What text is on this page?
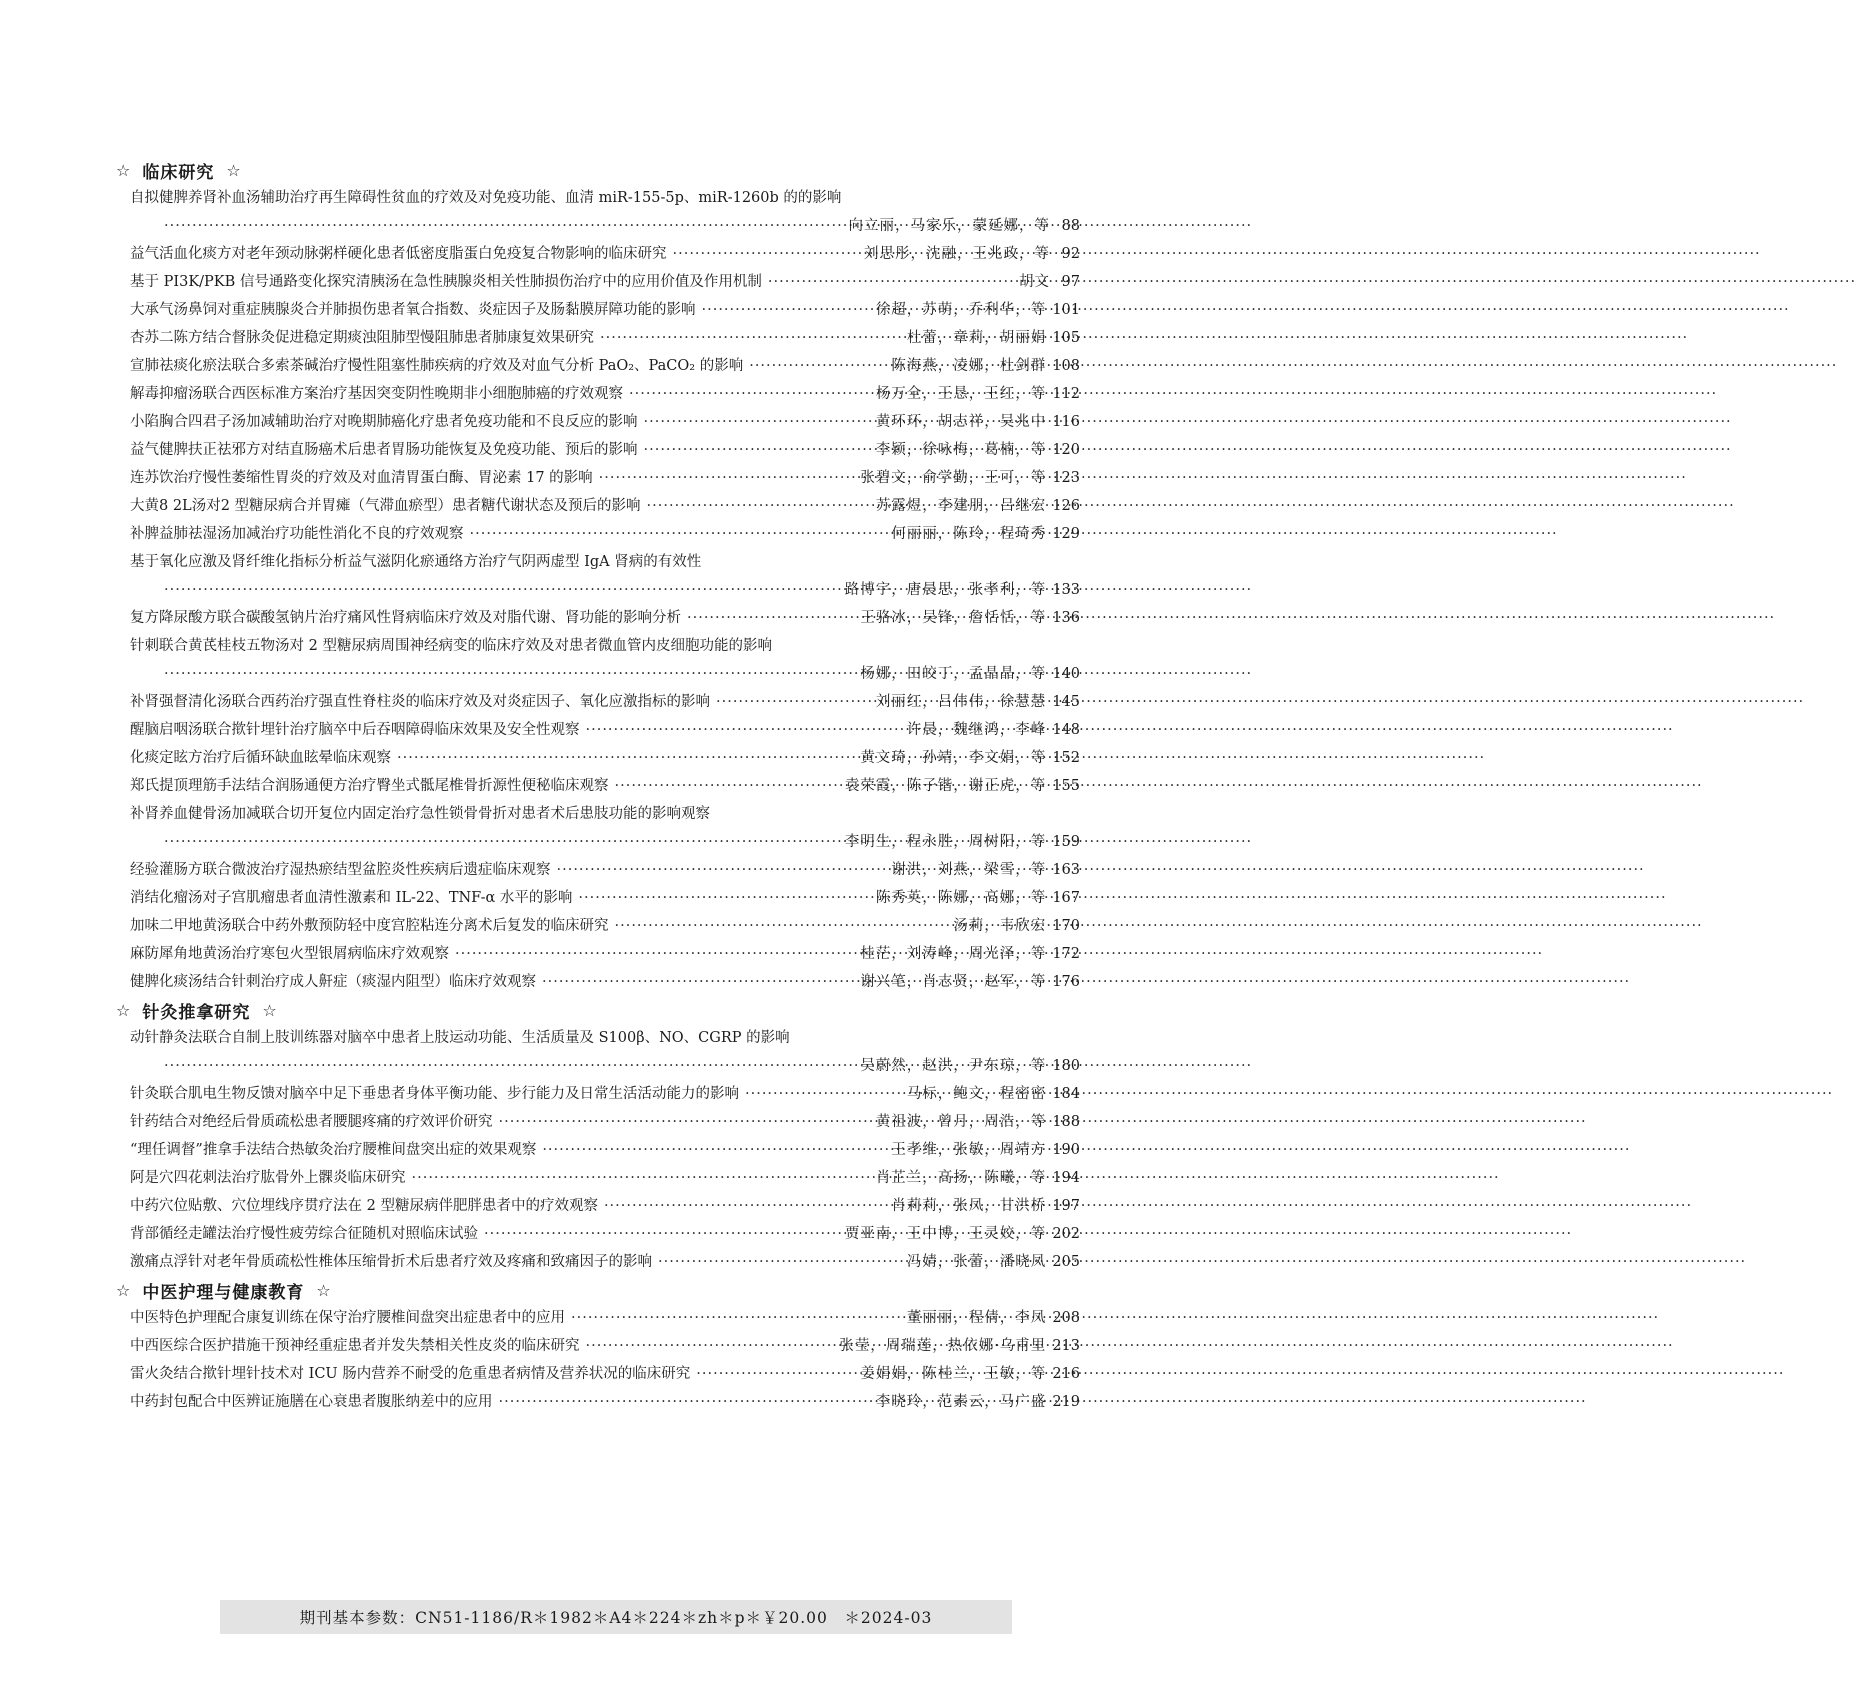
☆ 临床研究 ☆
自拟健脾养肾补血汤辅助治疗再生障碍性贫血的疗效及对免疫功能、血清 miR-155-5p、miR-1260b 的的影响
·····
向立丽，马家乐，蒙延娜，等 88
益气活血化痰方对老年颈动脉粥样硬化患者低密度脂蛋白免疫复合物影响的临床研究 ·····	刘思彤，沈融，王兆政，等 92
基于 PI3K/PKB 信号通路变化探究清胰汤在急性胰腺炎相关性肺损伤治疗中的应用价值及作用机制 ·····	胡文 97
大承气汤鼻饲对重症胰腺炎合并肺损伤患者氧合指数、炎症因子及肠黏膜屏障功能的影响 ·····	徐超，苏萌，乔利华，等 101
杏苏二陈方结合督脉灸促进稳定期痰浊阻肺型慢阻肺患者肺康复效果研究 ·····	杜蕾，章莉，胡丽娟 105
宣肺祛痰化瘀法联合多索茶碱治疗慢性阻塞性肺疾病的疗效及对血气分析 PaO₂、PaCO₂ 的影响 ·····	陈海燕，凌娜，杜剑群 108
解毒抑瘤汤联合西医标准方案治疗基因突变阴性晚期非小细胞肺癌的疗效观察 ·····	杨万全，王恳，王红，等 112
小陷胸合四君子汤加减辅助治疗对晚期肺癌化疗患者免疫功能和不良反应的影响 ·····	黄环环，胡志祥，吴兆中 116
益气健脾扶正祛邪方对结直肠癌术后患者胃肠功能恢复及免疫功能、预后的影响 ·····	李颖，徐咏梅，葛楠，等 120
连苏饮治疗慢性萎缩性胃炎的疗效及对血清胃蛋白酶、胃泌素 17 的影响 ·····	张碧文，俞学勤，王可，等 123
大黄8 2L汤对2 型糖尿病合并胃瘫（气滞血瘀型）患者糖代谢状态及预后的影响 ·····	苏露煜，李建朋，吕继宏 126
补脾益肺祛湿汤加减治疗功能性消化不良的疗效观察 ·····	何丽丽，陈玲，程琦秀 129
基于氧化应激及肾纤维化指标分析益气滋阴化瘀通络方治疗气阴两虚型 IgA 肾病的有效性
·····
路博宇，唐晨思，张孝利，等 133
复方降尿酸方联合碳酸氢钠片治疗痛风性肾病临床疗效及对脂代谢、肾功能的影响分析 ·····	王骆冰，吴锋，詹恬恬，等 136
针刺联合黄芪桂枝五物汤对 2 型糖尿病周围神经病变的临床疗效及对患者微血管内皮细胞功能的影响
·····
杨娜，田皎丁，孟晶晶，等 140
补肾强督清化汤联合西药治疗强直性脊柱炎的临床疗效及对炎症因子、氧化应激指标的影响 ·····	刘丽红，吕伟伟，徐慧慧 145
醒脑启咽汤联合揿针埋针治疗脑卒中后吞咽障碍临床效果及安全性观察 ·····	许晨，魏继鸿，李峰 148
化痰定眩方治疗后循环缺血眩晕临床观察 ·····	黄文琦，孙靖，李文娟，等 152
郑氏提顶理筋手法结合润肠通便方治疗臀坐式骶尾椎骨折源性便秘临床观察 ·····	袁荣霞，陈子锴，谢正虎，等 155
补肾养血健骨汤加减联合切开复位内固定治疗急性锁骨骨折对患者术后患肢功能的影响观察
·····
李明生，程永胜，周树阳，等 159
经验灌肠方联合微波治疗湿热瘀结型盆腔炎性疾病后遗症临床观察 ·····	谢洪，刘燕，梁雪，等 163
消结化瘤汤对子宫肌瘤患者血清性激素和 IL-22、TNF-α 水平的影响 ·····	陈秀英，陈娜，高娜，等 167
加味二甲地黄汤联合中药外敷预防轻中度宫腔粘连分离术后复发的临床研究 ·····	汤莉，韦欣宏 170
麻防犀角地黄汤治疗寒包火型银屑病临床疗效观察 ·····	桂茫，刘涛峰，周光泽，等 172
健脾化痰汤结合针刺治疗成人鼾症（痰湿内阻型）临床疗效观察 ·····	谢兴笔，肖志贤，赵军，等 176
☆ 针灸推拿研究 ☆
动针静灸法联合自制上肢训练器对脑卒中患者上肢运动功能、生活质量及 S100β、NO、CGRP 的影响
·····
吴蔚然，赵洪，尹东琼，等 180
针灸联合肌电生物反馈对脑卒中足下垂患者身体平衡功能、步行能力及日常生活活动能力的影响 ·····	马标，鲍文，程密密 184
针药结合对绝经后骨质疏松患者腰腿疼痛的疗效评价研究 ·····	黄祖波，曾月，周浩，等 188
“理任调督”推拿手法结合热敏灸治疗腰椎间盘突出症的效果观察 ·····	王孝维，张敏，周靖方 190
阿是穴四花刺法治疗肱骨外上髁炎临床研究 ·····	肖芷兰，高扬，陈曦，等 194
中药穴位贴敷、穴位埋线序贯疗法在 2 型糖尿病伴肥胖患者中的疗效观察 ·····	肖莉莉，张凤，甘洪桥 197
背部循经走罐法治疗慢性疲劳综合征随机对照临床试验 ·····	贾亚南，王中博，王灵姣，等 202
激痛点浮针对老年骨质疏松性椎体压缩骨折术后患者疗效及疼痛和致痛因子的影响 ·····	冯婧，张蕾，潘晓凤 205
☆ 中医护理与健康教育 ☆
中医特色护理配合康复训练在保守治疗腰椎间盘突出症患者中的应用 ·····	董丽丽，程倩，李凤 208
中西医综合医护措施干预神经重症患者并发失禁相关性皮炎的临床研究 ·····	张莹，周瑞莲，热依娜·乌甫里 213
雷火灸结合揿针埋针技术对 ICU 肠内营养不耐受的危重患者病情及营养状况的临床研究 ·····	姜娟娟，陈桂兰，王敏，等 216
中药封包配合中医辨证施膳在心衰患者腹胀纳差中的应用 ·····	李晓玲，范素云，马广盛 219
期刊基本参数：CN51-1186/R＊1982＊A4＊224＊zh＊p＊￥20.00　＊2024-03
